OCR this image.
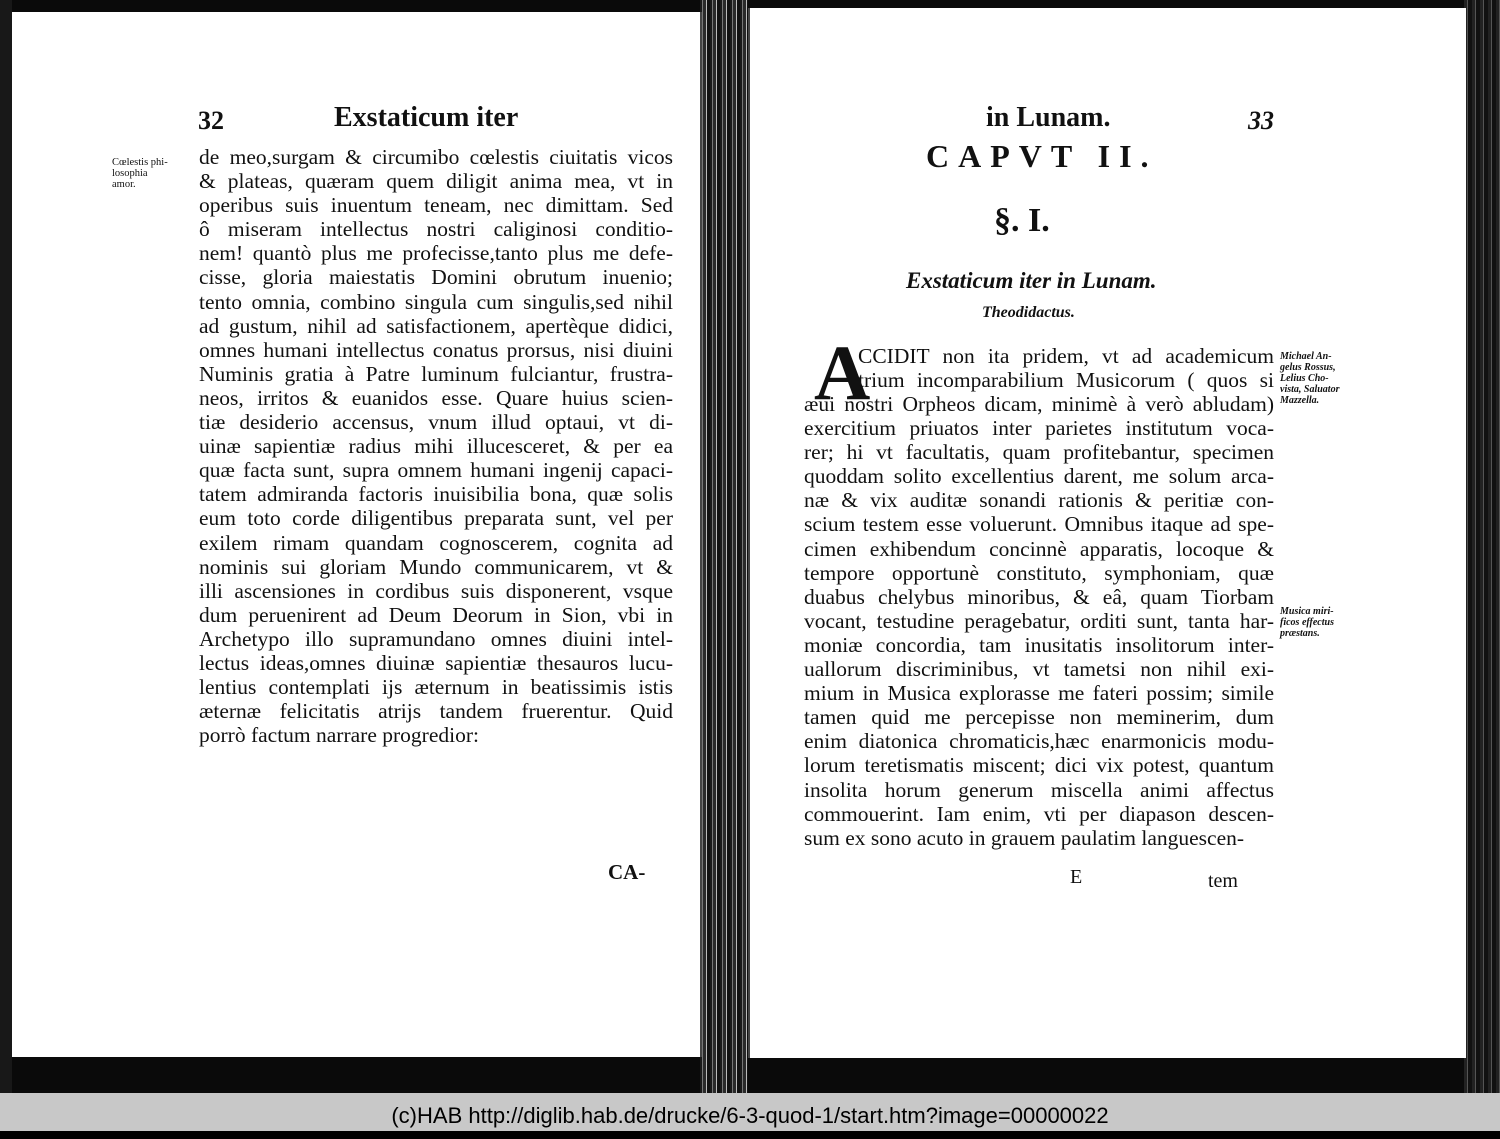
32	Exstaticum iter
Cœlestis phi-
losophia
amor.
de meo,surgam & circumibo cœlestis ciuitatis vicos
& plateas, quæram quem diligit anima mea, vt in
operibus suis inuentum teneam, nec dimittam. Sed
ô miseram intellectus nostri caliginosi conditio-
nem! quantò plus me profecisse,tanto plus me defe-
cisse, gloria maiestatis Domini obrutum inuenio;
tento omnia, combino singula cum singulis,sed nihil
ad gustum, nihil ad satisfactionem, apertèque didici,
omnes humani intellectus conatus prorsus, nisi diuini
Numinis gratia à Patre luminum fulciantur, frustra-
neos, irritos & euanidos esse. Quare huius scien-
tiæ desiderio accensus, vnum illud optaui, vt di-
uinæ sapientiæ radius mihi illucesceret, & per ea
quæ facta sunt, supra omnem humani ingenij capaci-
tatem admiranda factoris inuisibilia bona, quæ solis
eum toto corde diligentibus preparata sunt, vel per
exilem rimam quandam cognoscerem, cognita ad
nominis sui gloriam Mundo communicarem, vt &
illi ascensiones in cordibus suis disponerent, vsque
dum peruenirent ad Deum Deorum in Sion, vbi in
Archetypo illo supramundano omnes diuini intel-
lectus ideas,omnes diuinæ sapientiæ thesauros lucu-
lentius contemplati ijs æternum in beatissimis istis
æternæ felicitatis atrijs tandem fruerentur. Quid
porrò factum narrare progredior:
CA-
in Lunam.	33
CAPVT II.
§. I.
Exstaticum iter in Lunam.
Theodidactus.
A
CCIDIT non ita pridem, vt ad academicum
trium incomparabilium Musicorum ( quos si
æui nostri Orpheos dicam, minimè à verò abludam)
exercitium priuatos inter parietes institutum voca-
rer; hi vt facultatis, quam profitebantur, specimen
quoddam solito excellentius darent, me solum arca-
næ & vix auditæ sonandi rationis & peritiæ con-
scium testem esse voluerunt. Omnibus itaque ad spe-
cimen exhibendum concinnè apparatis, locoque &
tempore opportunè constituto, symphoniam, quæ
duabus chelybus minoribus, & eâ, quam Tiorbam
vocant, testudine peragebatur, orditi sunt, tanta har-
moniæ concordia, tam inusitatis insolitorum inter-
uallorum discriminibus, vt tametsi non nihil exi-
mium in Musica explorasse me fateri possim; simile
tamen quid me percepisse non meminerim, dum
enim diatonica chromaticis,hæc enarmonicis modu-
lorum teretismatis miscent; dici vix potest, quantum
insolita horum generum miscella animi affectus
commouerint. Iam enim, vti per diapason descen-
sum ex sono acuto in grauem paulatim languescen-
Michael An-
gelus Rossus,
Lelius Cho-
vista, Saluator
Mazzella.
Musica miri-
ficos effectus
præstans.
E	tem
(c)HAB http://diglib.hab.de/drucke/6-3-quod-1/start.htm?image=00000022
